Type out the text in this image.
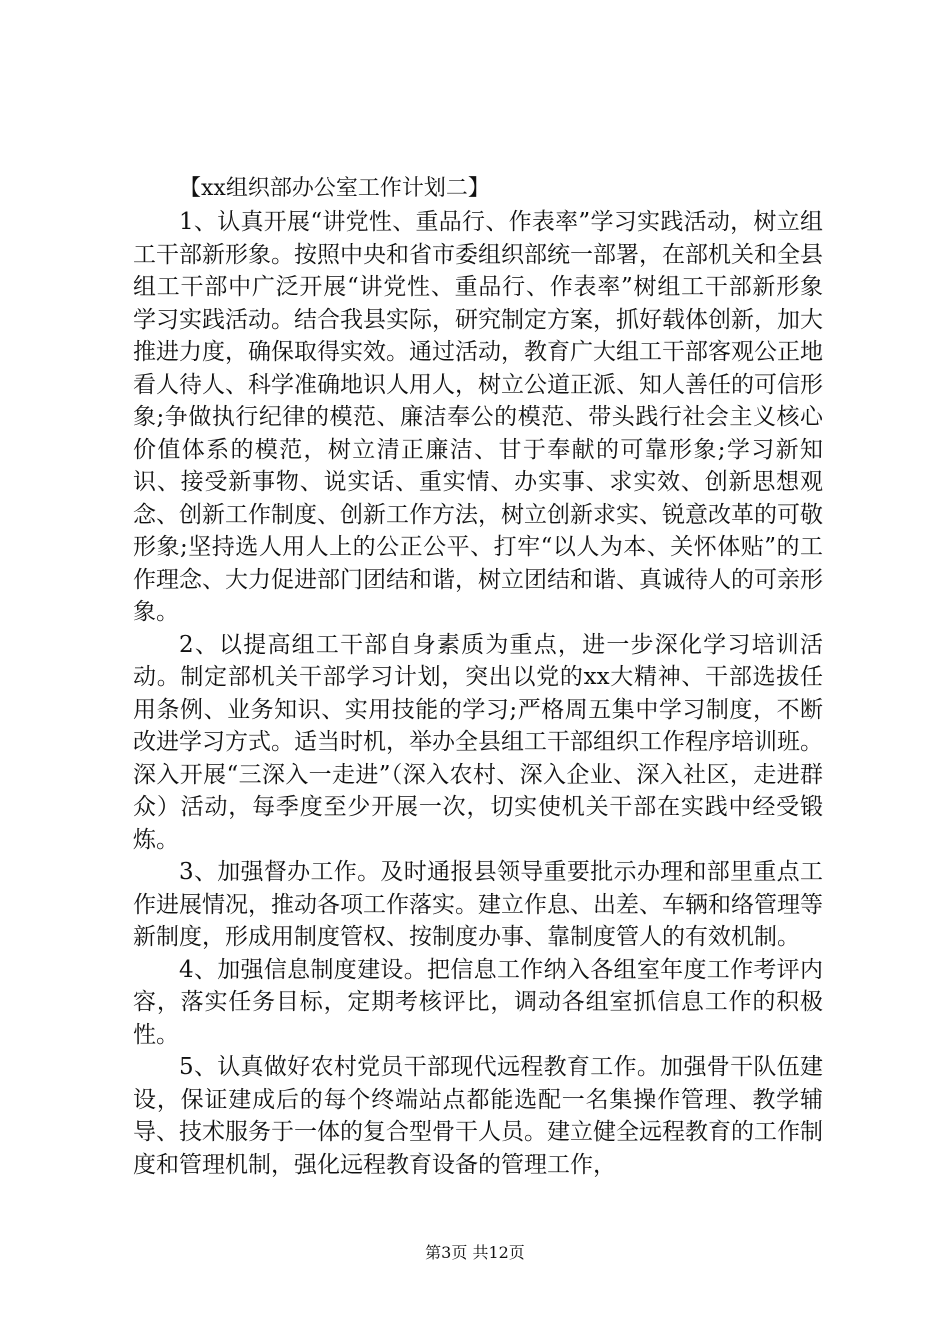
【xx组织部办公室工作计划二】

1、认真开展“讲党性、重品行、作表率”学习实践活动，树立组工干部新形象。按照中央和省市委组织部统一部署，在部机关和全县组工干部中广泛开展“讲党性、重品行、作表率”树组工干部新形象学习实践活动。结合我县实际，研究制定方案，抓好载体创新，加大推进力度，确保取得实效。通过活动，教育广大组工干部客观公正地看人待人、科学准确地识人用人，树立公道正派、知人善任的可信形象;争做执行纪律的模范、廉洁奉公的模范、带头践行社会主义核心价值体系的模范，树立清正廉洁、甘于奉献的可靠形象;学习新知识、接受新事物、说实话、重实情、办实事、求实效、创新思想观念、创新工作制度、创新工作方法，树立创新求实、锐意改革的可敬形象;坚持选人用人上的公正公平、打牢“以人为本、关怀体贴”的工作理念、大力促进部门团结和谐，树立团结和谐、真诚待人的可亲形象。

2、以提高组工干部自身素质为重点，进一步深化学习培训活动。制定部机关干部学习计划，突出以党的xx大精神、干部选拔任用条例、业务知识、实用技能的学习;严格周五集中学习制度，不断改进学习方式。适当时机，举办全县组工干部组织工作程序培训班。深入开展“三深入一走进”（深入农村、深入企业、深入社区，走进群众）活动，每季度至少开展一次，切实使机关干部在实践中经受锻炼。

3、加强督办工作。及时通报县领导重要批示办理和部里重点工作进展情况，推动各项工作落实。建立作息、出差、车辆和络管理等新制度，形成用制度管权、按制度办事、靠制度管人的有效机制。

4、加强信息制度建设。把信息工作纳入各组室年度工作考评内容，落实任务目标，定期考核评比，调动各组室抓信息工作的积极性。

5、认真做好农村党员干部现代远程教育工作。加强骨干队伍建设，保证建成后的每个终端站点都能选配一名集操作管理、教学辅导、技术服务于一体的复合型骨干人员。建立健全远程教育的工作制度和管理机制，强化远程教育设备的管理工作，

第3页 共12页
